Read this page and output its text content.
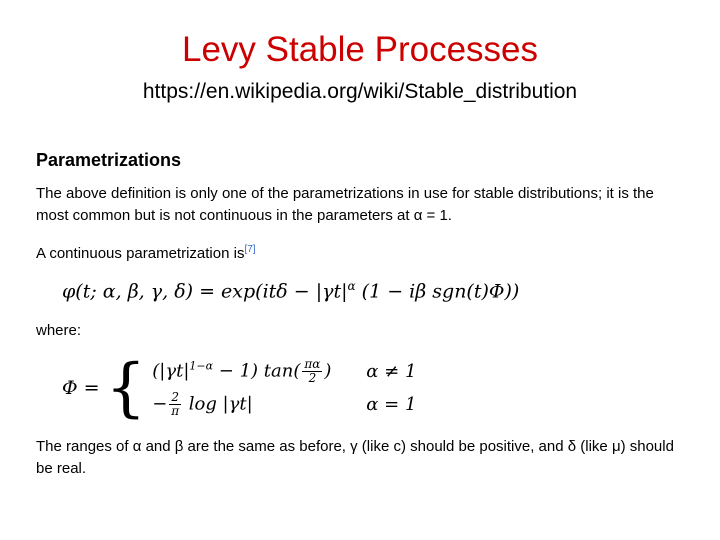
Levy Stable Processes
https://en.wikipedia.org/wiki/Stable_distribution
Parametrizations

The above definition is only one of the parametrizations in use for stable distributions; it is the most common but is not continuous in the parameters at α = 1.

A continuous parametrization is[7]

φ(t; α, β, γ, $\delta) = \exp(it\delta - |\gamma t|^\alpha$ (1 − iβ sgn(t)Φ))

where:

Φ = { $(|\gamma t|^{1-\alpha} - 1)$ $\tan( \frac{\pi\alpha}{2}$ )	α ≠ 1
− $\frac{2}{\pi}$ log |γt|	α = 1

The ranges of α and β are the same as before, γ (like c) should be positive, and δ (like μ) should be real.
